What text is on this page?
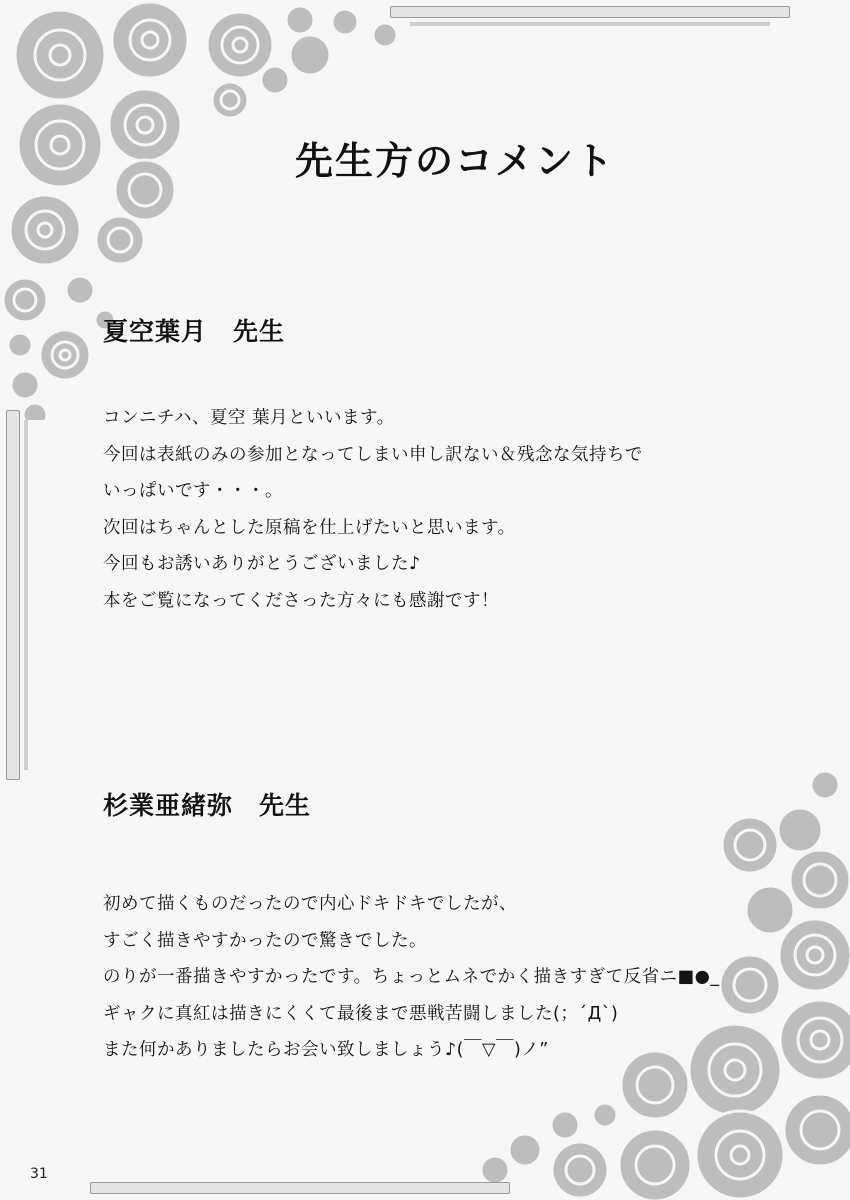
先生方のコメント
夏空葉月　先生
コンニチハ、夏空 葉月といいます。
今回は表紙のみの参加となってしまい申し訳ない＆残念な気持ちで
いっぱいです・・・。
次回はちゃんとした原稿を仕上げたいと思います。
今回もお誘いありがとうございました♪
本をご覧になってくださった方々にも感謝です！
杉業亜緒弥　先生
初めて描くものだったので内心ドキドキでしたが、
すごく描きやすかったので驚きでした。
のりが一番描きやすかったです。ちょっとムネでかく描きすぎて反省ニ■●_
ギャクに真紅は描きにくくて最後まで悪戦苦闘しました(；´Д`)
また何かありましたらお会い致しましょう♪(￣▽￣)ノ”
31
